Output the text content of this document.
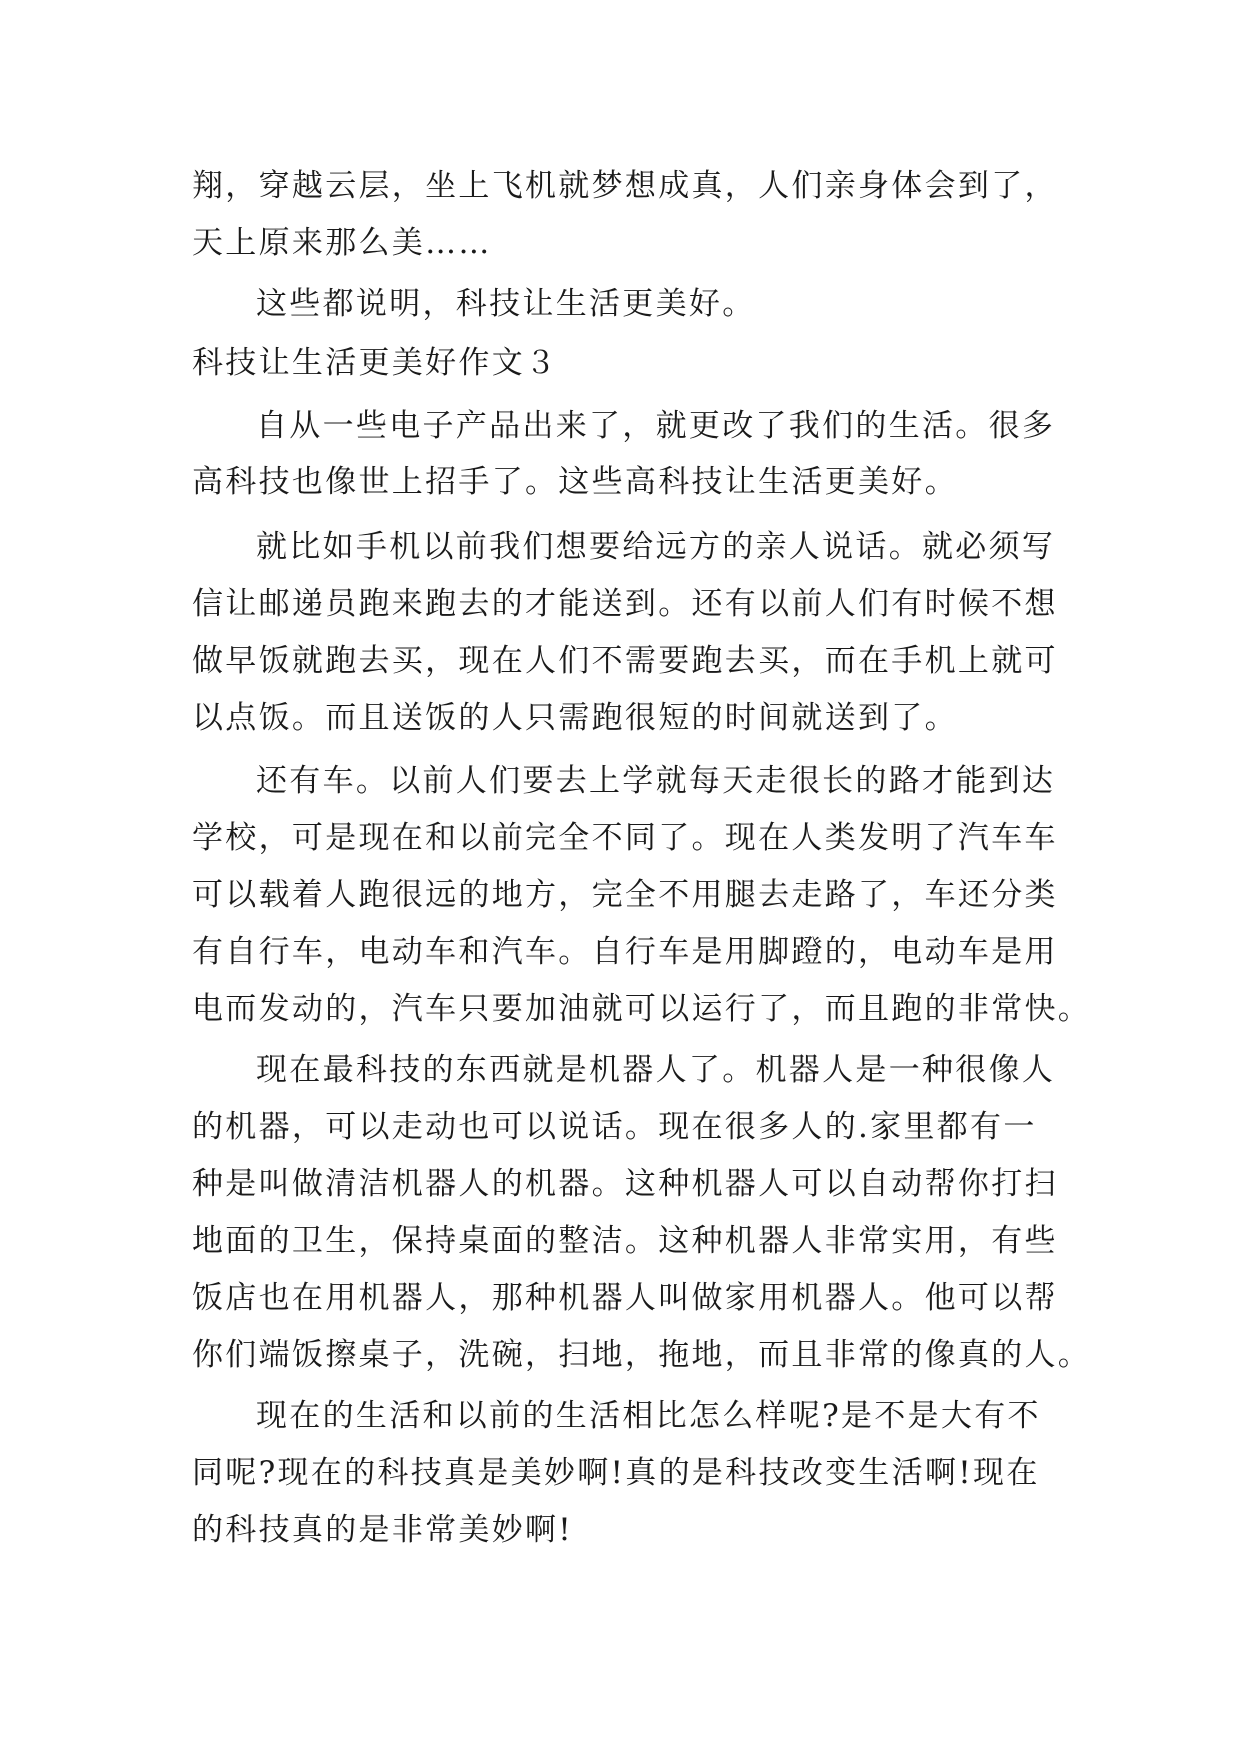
翔，穿越云层，坐上飞机就梦想成真，人们亲身体会到了，
天上原来那么美……
这些都说明，科技让生活更美好。
科技让生活更美好作文３
自从一些电子产品出来了，就更改了我们的生活。很多
高科技也像世上招手了。这些高科技让生活更美好。
就比如手机以前我们想要给远方的亲人说话。就必须写
信让邮递员跑来跑去的才能送到。还有以前人们有时候不想
做早饭就跑去买，现在人们不需要跑去买，而在手机上就可
以点饭。而且送饭的人只需跑很短的时间就送到了。
还有车。以前人们要去上学就每天走很长的路才能到达
学校，可是现在和以前完全不同了。现在人类发明了汽车车
可以载着人跑很远的地方，完全不用腿去走路了，车还分类
有自行车，电动车和汽车。自行车是用脚蹬的，电动车是用
电而发动的，汽车只要加油就可以运行了，而且跑的非常快。
现在最科技的东西就是机器人了。机器人是一种很像人
的机器，可以走动也可以说话。现在很多人的.家里都有一
种是叫做清洁机器人的机器。这种机器人可以自动帮你打扫
地面的卫生，保持桌面的整洁。这种机器人非常实用，有些
饭店也在用机器人，那种机器人叫做家用机器人。他可以帮
你们端饭擦桌子，洗碗，扫地，拖地，而且非常的像真的人。
现在的生活和以前的生活相比怎么样呢?是不是大有不
同呢?现在的科技真是美妙啊!真的是科技改变生活啊!现在
的科技真的是非常美妙啊!
